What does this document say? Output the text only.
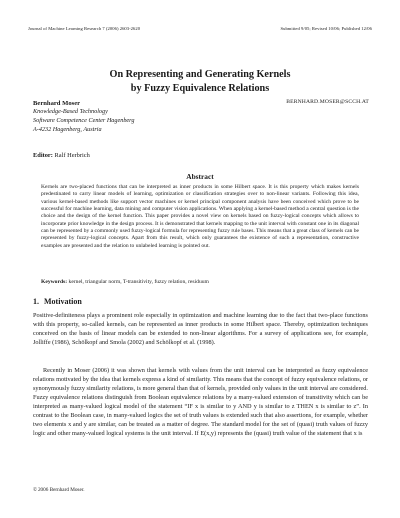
Journal of Machine Learning Research 7 (2006) 2603-2620	Submitted 9/05; Revised 10/06; Published 12/06
On Representing and Generating Kernels
by Fuzzy Equivalence Relations
Bernhard Moser	BERNHARD.MOSER@SCCH.AT
Knowledge-Based Technology
Software Competence Center Hagenberg
A-4232 Hagenberg, Austria
Editor: Ralf Herbrich
Abstract

Kernels are two-placed functions that can be interpreted as inner products in some Hilbert space. It is this property which makes kernels predestinated to carry linear models of learning, optimization or classification strategies over to non-linear variants. Following this idea, various kernel-based methods like support vector machines or kernel principal component analysis have been conceived which prove to be successful for machine learning, data mining and computer vision applications. When applying a kernel-based method a central question is the choice and the design of the kernel function. This paper provides a novel view on kernels based on fuzzy-logical concepts which allows to incorporate prior knowledge in the design process. It is demonstrated that kernels mapping to the unit interval with constant one in its diagonal can be represented by a commonly used fuzzy-logical formula for representing fuzzy rule bases. This means that a great class of kernels can be represented by fuzzy-logical concepts. Apart from this result, which only guarantees the existence of such a representation, constructive examples are presented and the relation to unlabeled learning is pointed out.

Keywords: kernel, triangular norm, T-transitivity, fuzzy relation, residuum
1. Motivation

Positive-definiteness plays a prominent role especially in optimization and machine learning due to the fact that two-place functions with this property, so-called kernels, can be represented as inner products in some Hilbert space. Thereby, optimization techniques conceived on the basis of linear models can be extended to non-linear algorithms. For a survey of applications see, for example, Jolliffe (1986), Schölkopf and Smola (2002) and Schölkopf et al. (1998).

Recently in Moser (2006) it was shown that kernels with values from the unit interval can be interpreted as fuzzy equivalence relations motivated by the idea that kernels express a kind of similarity. This means that the concept of fuzzy equivalence relations, or synonymously fuzzy similarity relations, is more general than that of kernels, provided only values in the unit interval are considered. Fuzzy equivalence relations distinguish from Boolean equivalence relations by a many-valued extension of transitivity which can be interpreted as many-valued logical model of the statement “IF x is similar to y AND y is similar to z THEN x is similar to z”. In contrast to the Boolean case, in many-valued logics the set of truth values is extended such that also assertions, for example, whether two elements x and y are similar, can be treated as a matter of degree. The standard model for the set of (quasi) truth values of fuzzy logic and other many-valued logical systems is the unit interval. If E(x,y) represents the (quasi) truth value of the statement that x is

©2006 Bernhard Moser.
